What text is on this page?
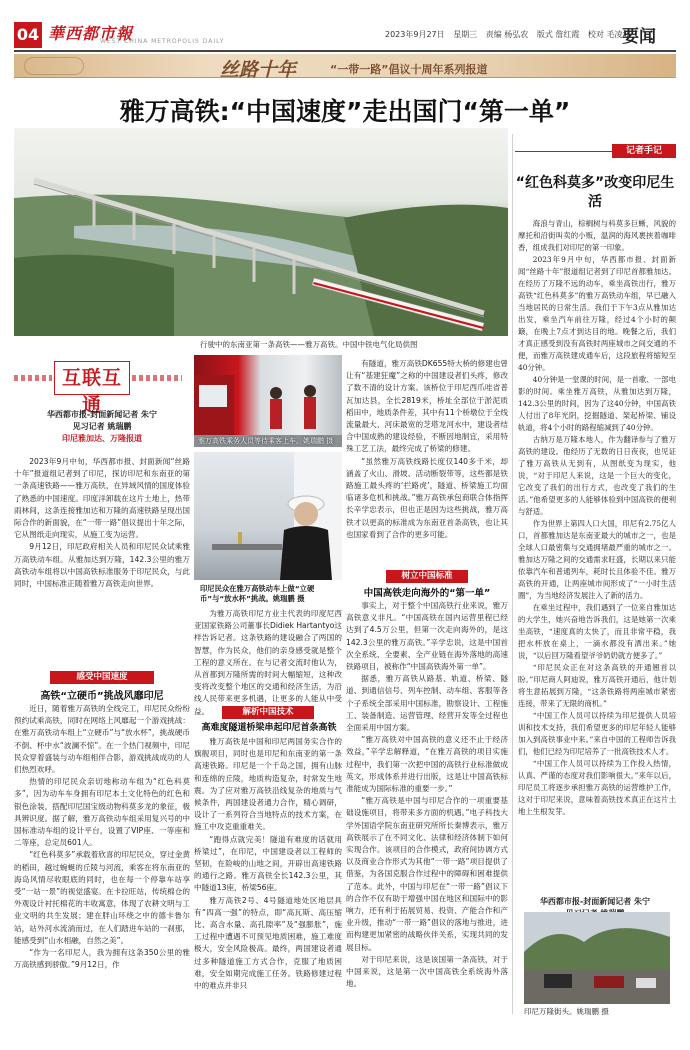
04 華西都市報
WEST CHINA METROPOLIS DAILY
2023年9月27日 星期三 责编 杨弘农 版式 詹红霞 校对 毛凌波
要闻
丝路十年	“一带一路”倡议十周年系列报道
雅万高铁:“中国速度”走出国门“第一单”
行驶中的东南亚第一条高铁——雅万高铁。中国中铁电气化局供图
互联互通
华西都市报-封面新闻记者 朱宁
见习记者 姚瑞鹏
印尼雅加达、万隆报道

2023年9月中旬，华西都市报、封面新闻“丝路十年”报道组记者到了印尼，探访印尼和东南亚的第一条高速铁路——雅万高铁，在异域风情的国度体验了熟悉的中国速度。印度洋卸载在这片土地上，热带雨林间，这条连接雅加达和万隆的高速铁路呈现出国际合作的新面貌，在“一带一路”倡议提出十年之际，它从图纸走向现实，从施工变为运营。

9月12日，印尼政府相关人员和印尼民众试乘雅万高铁动车组。从雅加达到万隆，142.3公里的雅万高铁动车组将以中国高铁标准服务于印尼民众，与此同时，中国标准正随着雅万高铁走向世界。

感受中国速度
高铁“立硬币”挑战风靡印尼

近日，随着雅万高铁的全线完工，印尼民众纷纷预约试乘高铁，同时在网络上风靡起一个游戏挑战：在雅万高铁动车组上“立硬币”与“放水杯”，挑战硬币不倒、杯中水“波澜不惊”。在一个热门视频中，印尼民众穿着盛装与动车组相伴合影，游戏挑战成功的人们热烈欢呼。

热情的印尼民众亲切地称动车组为“红色科莫多”，因为动车车身拥有印尼本土文化特色的红色和银色涂装，搭配印尼国宝级动物科莫多龙的象征，极具辨识度。据了解，雅万高铁动车组采用复兴号的中国标准动车组的设计平台，设置了VIP座、一等座和二等座，总定员601人。

“红色科莫多”承载着欣喜的印尼民众，穿过金黄的稻田，越过蜿蜒的丘陵与河流，乘客在将东南亚的海岛风情尽收眼底的同时，也在每一个停靠车站享受“一站一景”的视觉盛宴。在卡拉旺站，传统棉仓的外观设计衬托棉花的丰收寓意，体现了农耕文明与工业文明的共生发展；建在胖山环绕之中的德卡鲁尔站，站外河水流淌而过，在人们踏进车站的一刹那，能感受到“山水相融，自然之美”。

“作为一名印尼人，我为拥有这条350公里的雅万高铁感到骄傲。”9月12日，作

雅万高铁乘务人员等待乘客上车。姚瑞鹏 摄
印尼民众在雅万高铁动车上做“立硬币”与“放水杯”挑战。姚瑞鹏 摄

为雅万高铁印尼方业主代表的印度尼西亚国家铁路公司董事长Didiek Hartantyo这样告诉记者。这条铁路的建设融合了两国的智慧，作为民众，他们的亲身感受就是整个工程的意义所在。在与记者交流时他认为，从首都到万隆所需的时间大幅缩短，这种改变将改变整个地区的交通和经济生活，为沿线人民带来更多机遇，让更多的人能从中受益。	解析中国技术
高难度隧道桥梁串起印尼首条高铁

雅万高铁是中国和印尼两国务实合作的旗舰项目，同时也是印尼和东南亚的第一条高速铁路。印尼是一个千岛之国，拥有山脉和连绵的丘陵，地质构造复杂，时常发生地震。为了应对雅万高铁沿线复杂的地质与气候条件，两国建设者通力合作，精心调研，设计了一系列符合当地特点的技术方案，在施工中攻克重重难关。

“跑得点就完美！隧道有难度的话就用桥梁过”，在印尼，中国建设者以工程师的坚韧，在险峻的山地之间，开辟出高速铁路的通行之路。雅万高铁全长142.3公里，其中隧道13座，桥梁56座。

雅万高铁2号、4号隧道地处区地层具有“四高一强”的特点，即“高瓦斯、高压缩比、高含水量、高孔隙率”及“强膨胀”，施工过程中遭遇不可预见地质困难，施工难度极大，安全风险极高。最终，两国建设者通过多种隧道施工方式合作，克服了地质困难，安全如期完成施工任务。铁路修建过程中的难点并非只

有隧道，雅万高铁DK655特大桥的修建也曾让有“基建狂魔”之称的中国建设者们头疼，修改了数不清的设计方案。该桥位于印尼西爪哇省普瓦加达县，全长2819米，桥址全部位于淤泥质稻田中，地质条件差，其中有11个桥墩位于全线流量最大、河床最宽的芝塔龙河水中，建设者结合中国成熟的建设经验，不断因地制宜，采用特殊工艺工法，最终完成了桥梁的修建。

“虽然雅万高铁线路长度仅140多千米，却涵盖了火山、滑坡、活动断裂带等，这些都是铁路施工最头疼的‘拦路虎’，隧道、桥梁施工均面临诸多危机和挑战。”雅万高铁承包商联合体指挥长辛学忠表示，但也正是因为这些挑战，雅万高铁才以更高的标准成为东南亚首条高铁，也让其也国家看到了合作的更多可能。

树立中国标准
中国高铁走向海外的“第一单”

事实上，对于整个中国高铁行业来说，雅万高铁意义非凡。“中国高铁在国内运营里程已经达到了4.5万公里，但第一次走向海外的，是这142.3公里的雅万高铁。”辛学忠说，这是中国首次全系统、全要素、全产业链在海外落地的高速铁路项目，被称作“中国高铁海外第一单”。

据悉，雅万高铁从路基、轨道、桥梁、隧道、到通信信号、列车控制、动车组、客服等各个子系统全部采用中国标准，勘察设计、工程施工、装备制造、运营管理、经营开发等全过程也全面采用中国方案。

“雅万高铁对中国高铁的意义还不止于经济效益，”辛学忠解释道，“在雅万高铁的项目实施过程中，我们第一次把中国的高铁行业标准做成英文，形成体系并进行出版，这是让中国高铁标准能成为国际标准的重要一步。”

“雅万高铁是中国与印尼合作的一项重要基础设施项目，将带来多方面的机遇。”电子科技大学外国语学院东南亚研究所所长秦博表示，雅万高铁展示了在不同文化、法律和经济体制下如何实现合作。该项目的合作模式，政府间协调方式以及商业合作形式为其他“一带一路”项目提供了借鉴，为各国克服合作过程中的障碍和困难提供了范本。此外，中国与印尼在“一带一路”倡议下的合作不仅有助于增强中国在地区和国际中的影响力，还有利于拓展贸易、投资、产能合作和产业升级，推动“一带一路”倡议的落地与推进，进而构建更加紧密的战略伙伴关系，实现共同的发展目标。

对于印尼来说，这是该国第一条高铁，对于中国来说，这是第一次中国高铁全系统海外落地。

记者手记
“红色科莫多”改变印尼生活

海浪与青山，棕榈树与科莫多巨蜥，风貌的摩托和沿街叫卖的小贩，温润的海风裹挟着咖啡香，组成我们对印尼的第一印象。

2023年9月中旬，华西都市报、封面新闻“丝路十年”报道组记者到了印尼首都雅加达。在经历了万隆不远的动车，乘坐高铁出行，雅万高铁“红色科莫多”的雅万高铁动车组，早已融入当地居民的日常生活。我们于下午3点从雅加达出发，乘坐汽车前往万隆，经过4个小时的颠簸，在晚上7点才到达目的地。晚餐之后，我们才真正感受到没有高铁时两座城市之间交通的不便，而雅万高铁建成通车后，这段旅程将缩短至40分钟。

40分钟是一堂课的时间，是一首歌、一部电影的时间。乘坐雅万高铁，从雅加达到万隆，142.3公里的时间，因为了这40分钟，中国高铁人付出了8年光阴，挖掘隧道、架起桥梁、铺设轨道，将4个小时的路程缩减到了40分钟。

古纳万是万隆本地人，作为翻译参与了雅万高铁的建设。他经历了无数的日日夜夜，也见证了雅万高铁从无到有，从图纸变为现实，他说，“对于印尼人来说，这是一个巨大的变化，它改变了我们的出行方式，也改变了我们的生活。”他希望更多的人能够体验到中国高铁的便利与舒适。

作为世界上第四人口大国，印尼有2.75亿人口，首都雅加达是东南亚最大的城市之一，也是全球人口最密集与交通拥堵最严重的城市之一。雅加达万隆之间的交通需求旺盛，长期以来只能依靠汽车和普通列车，耗时长且体验不佳。雅万高铁的开通，让两座城市间形成了“一小时生活圈”，为当地经济发展注入了新的活力。

在乘坐过程中，我们遇到了一位来自雅加达的大学生，她兴奋地告诉我们，这是她第一次乘坐高铁，“速度真的太快了，而且非常平稳，我把水杯放在桌上，一滴水都没有洒出来。”她说，“以后回万隆看望爷爷奶奶就方便多了。”

“印尼民众正在对这条高铁的开通翘首以盼。”印尼商人阿迪说，雅万高铁开通后，他计划将生意拓展到万隆，“这条铁路将两座城市紧密连接，带来了无限的商机。”

“中国工作人员可以持续为印尼提供人员培训和技术支持，我们希望更多的印尼年轻人能够加入到高铁事业中来。”来自中国的工程师告诉我们，他们已经为印尼培养了一批高铁技术人才。

“中国工作人员可以持续为工作投入热情，认真、严谨的态度对我们影响很大。”来年以后，印尼员工将逐步承担雅万高铁的运营维护工作，这对于印尼来说，意味着高铁技术真正在这片土地上生根发芽。

华西都市报-封面新闻记者 朱宁
印尼万隆街头。姚瑞鹏 摄
